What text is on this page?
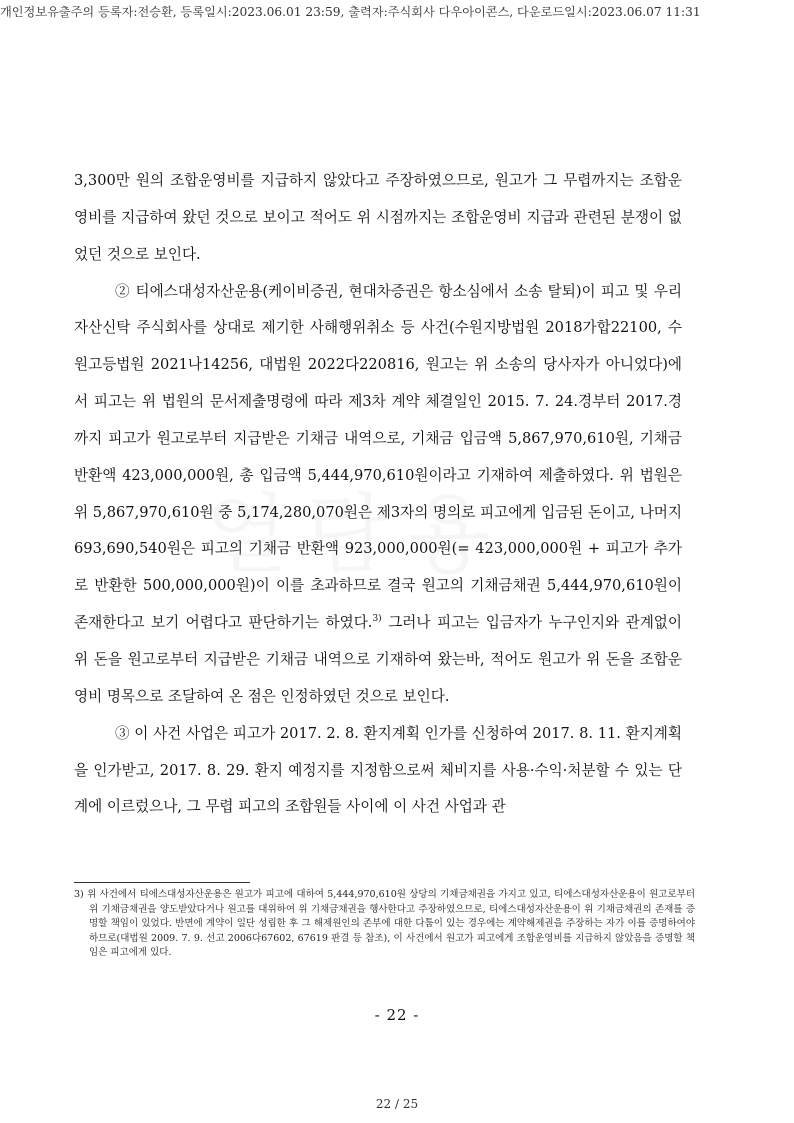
개인정보유출주의 등록자:전승환, 등록일시:2023.06.01 23:59, 출력자:주식회사 다우아이콘스, 다운로드일시:2023.06.07 11:31

3,300만 원의 조합운영비를 지급하지 않았다고 주장하였으므로, 원고가 그 무렵까지는 조합운영비를 지급하여 왔던 것으로 보이고 적어도 위 시점까지는 조합운영비 지급과 관련된 분쟁이 없었던 것으로 보인다.

② 티에스대성자산운용(케이비증권, 현대차증권은 항소심에서 소송 탈퇴)이 피고 및 우리자산신탁 주식회사를 상대로 제기한 사해행위취소 등 사건(수원지방법원 2018가합22100, 수원고등법원 2021나14256, 대법원 2022다220816, 원고는 위 소송의 당사자가 아니었다)에서 피고는 위 법원의 문서제출명령에 따라 제3차 계약 체결일인 2015. 7. 24.경부터 2017.경까지 피고가 원고로부터 지급받은 기채금 내역으로, 기채금 입금액 5,867,970,610원, 기채금 반환액 423,000,000원, 총 입금액 5,444,970,610원이라고 기재하여 제출하였다. 위 법원은 위 5,867,970,610원 중 5,174,280,070원은 제3자의 명의로 피고에게 입금된 돈이고, 나머지 693,690,540원은 피고의 기채금 반환액 923,000,000원(= 423,000,000원 + 피고가 추가로 반환한 500,000,000원)이 이를 초과하므로 결국 원고의 기채금채권 5,444,970,610원이 존재한다고 보기 어렵다고 판단하기는 하였다.$^{3)}$ 그러나 피고는 입금자가 누구인지와 관계없이 위 돈을 원고로부터 지급받은 기채금 내역으로 기재하여 왔는바, 적어도 원고가 위 돈을 조합운영비 명목으로 조달하여 온 점은 인정하였던 것으로 보인다.

③ 이 사건 사업은 피고가 2017. 2. 8. 환지계획 인가를 신청하여 2017. 8. 11. 환지계획을 인가받고, 2017. 8. 29. 환지 예정지를 지정함으로써 체비지를 사용·수익·처분할 수 있는 단계에 이르렀으나, 그 무렵 피고의 조합원들 사이에 이 사건 사업과 관

3) 위 사건에서 티에스대성자산운용은 원고가 피고에 대하여 5,444,970,610원 상당의 기채금채권을 가지고 있고, 티에스대성자산운용이 원고로부터 위 기채금채권을 양도받았다거나 원고를 대위하여 위 기채금채권을 행사한다고 주장하였으므로, 티에스대성자산운용이 위 기채금채권의 존재를 증명할 책임이 있었다. 반면에 계약이 일단 성립한 후 그 해제원인의 존부에 대한 다툼이 있는 경우에는 계약해제권을 주장하는 자가 이를 증명하여야 하므로(대법원 2009. 7. 9. 선고 2006다67602, 67619 판결 등 참조), 이 사건에서 원고가 피고에게 조합운영비를 지급하지 않았음을 증명할 책임은 피고에게 있다.
- 22 -
22 / 25
